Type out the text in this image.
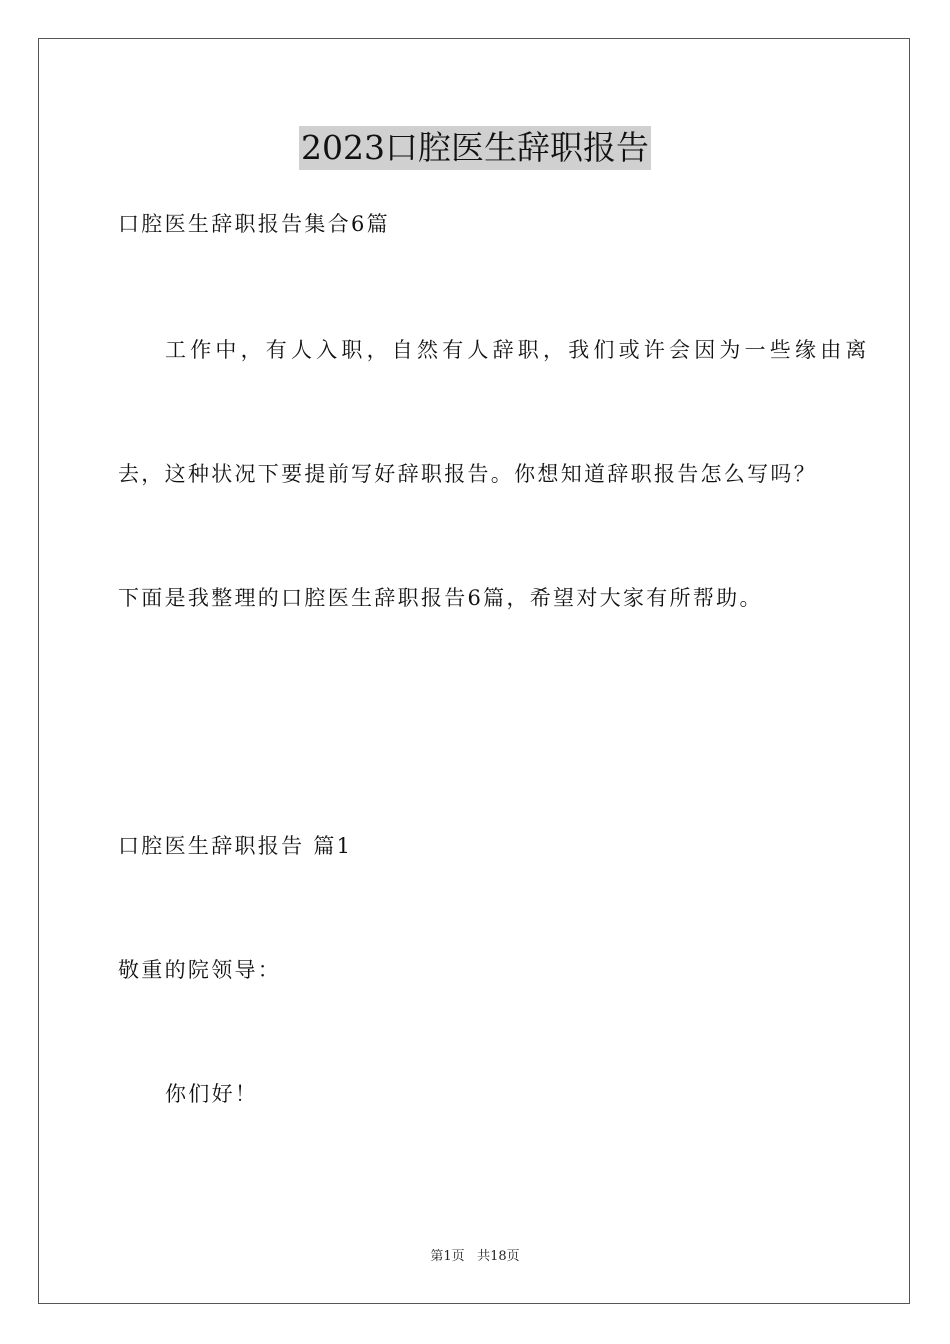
2023口腔医生辞职报告
口腔医生辞职报告集合6篇
工作中，有人入职，自然有人辞职，我们或许会因为一些缘由离
去，这种状况下要提前写好辞职报告。你想知道辞职报告怎么写吗？
下面是我整理的口腔医生辞职报告6篇，希望对大家有所帮助。
口腔医生辞职报告 篇1
敬重的院领导：
你们好！
第1页 共18页
